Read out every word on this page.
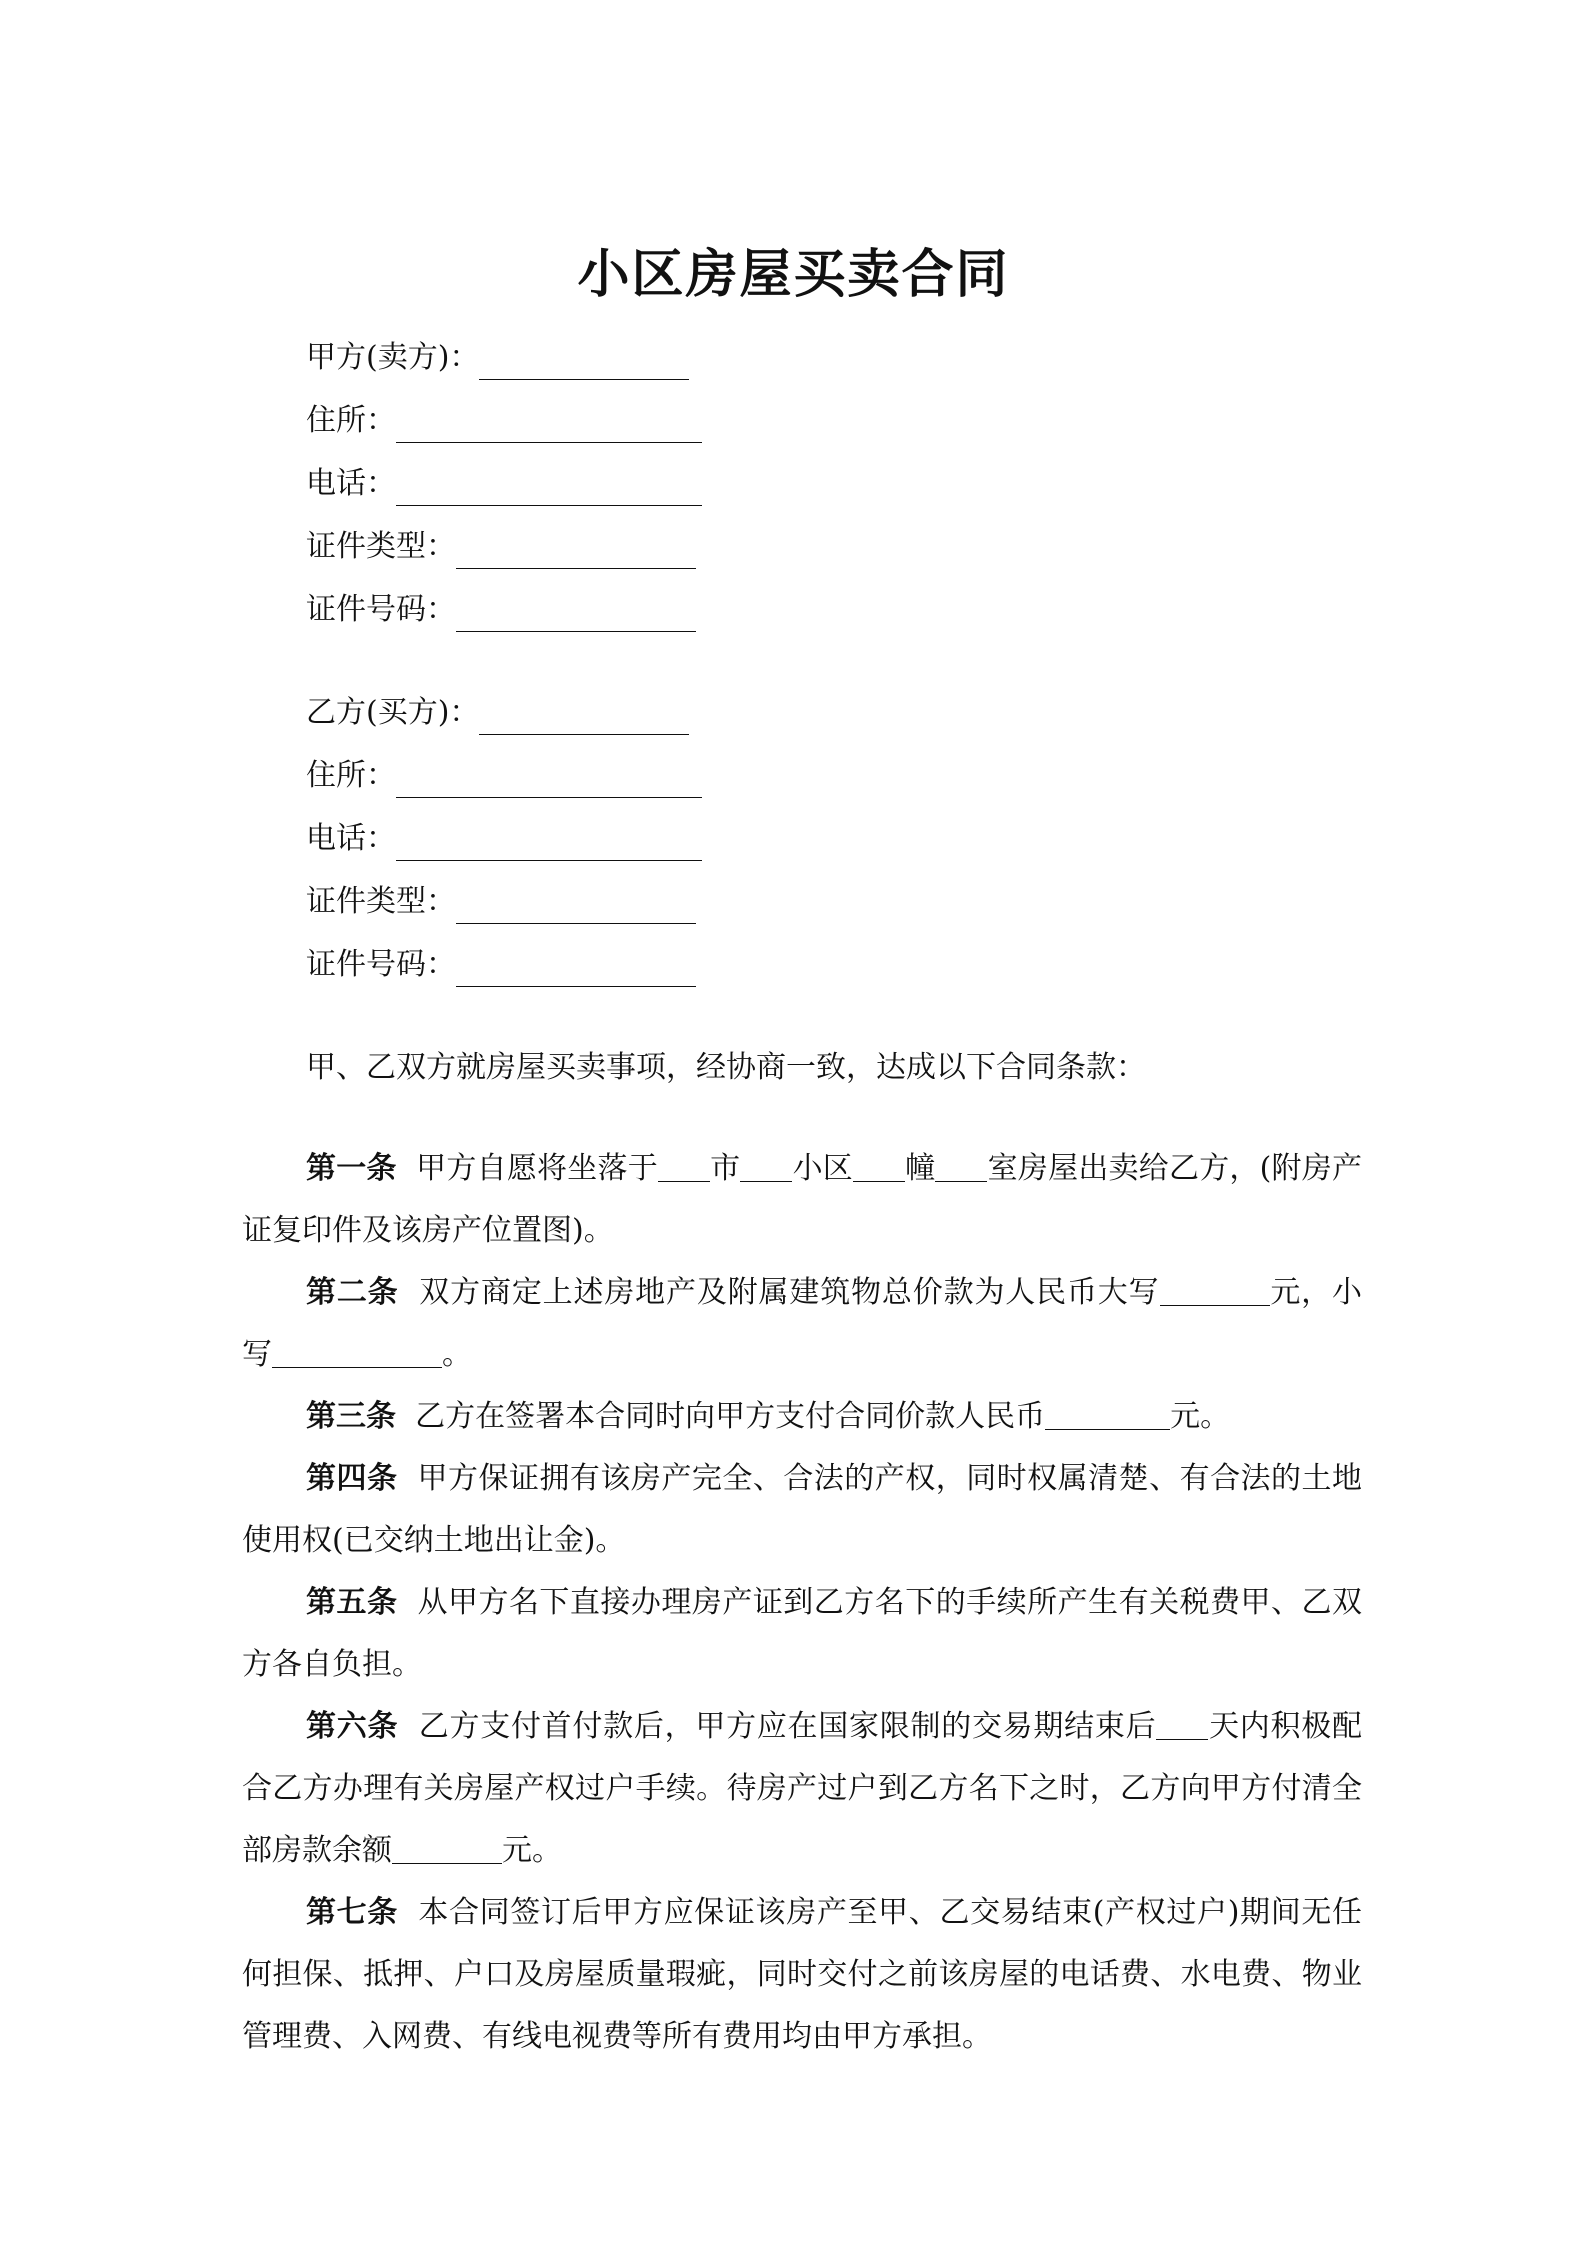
小区房屋买卖合同
甲方(卖方)：
住所：
电话：
证件类型：
证件号码：
乙方(买方)：
住所：
电话：
证件类型：
证件号码：
甲、乙双方就房屋买卖事项，经协商一致，达成以下合同条款：

第一条 甲方自愿将坐落于 市 小区 幢 室房屋出卖给乙方，(附房产证复印件及该房产位置图)。

第二条 双方商定上述房地产及附属建筑物总价款为人民币大写	元，小写	。

第三条 乙方在签署本合同时向甲方支付合同价款人民币	元。

第四条 甲方保证拥有该房产完全、合法的产权，同时权属清楚、有合法的土地使用权(已交纳土地出让金)。

第五条 从甲方名下直接办理房产证到乙方名下的手续所产生有关税费甲、乙双方各自负担。

第六条 乙方支付首付款后，甲方应在国家限制的交易期结束后 天内积极配合乙方办理有关房屋产权过户手续。待房产过户到乙方名下之时，乙方向甲方付清全部房款余额	元。

第七条 本合同签订后甲方应保证该房产至甲、乙交易结束(产权过户)期间无任何担保、抵押、户口及房屋质量瑕疵，同时交付之前该房屋的电话费、水电费、物业管理费、入网费、有线电视费等所有费用均由甲方承担。
